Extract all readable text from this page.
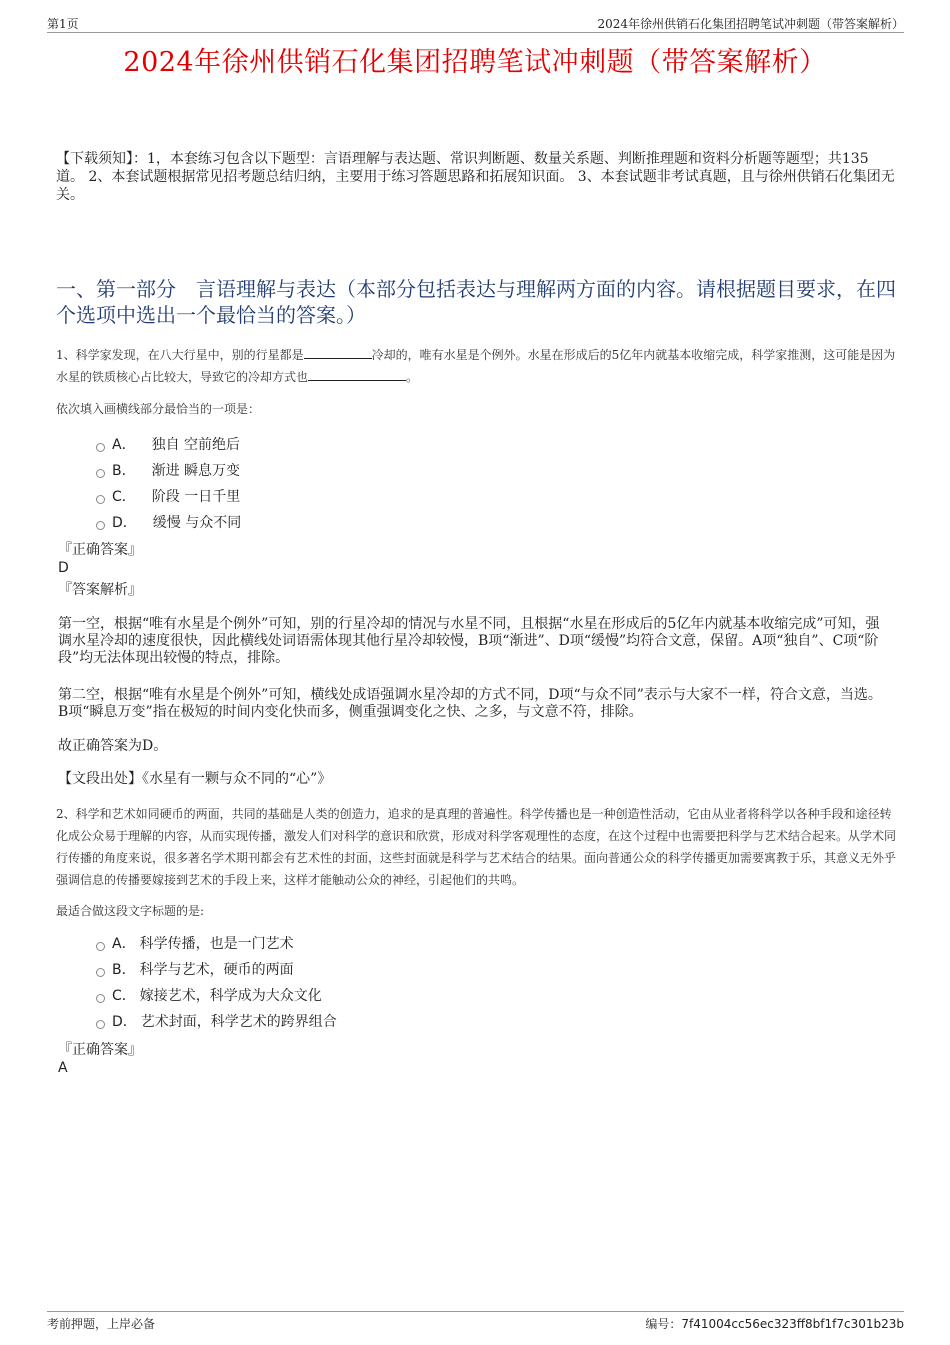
第1页	2024年徐州供销石化集团招聘笔试冲刺题（带答案解析）
2024年徐州供销石化集团招聘笔试冲刺题（带答案解析）
【下载须知】：1，本套练习包含以下题型：言语理解与表达题、常识判断题、数量关系题、判断推理题和资料分析题等题型；共135道。 2、本套试题根据常见招考题总结归纳，主要用于练习答题思路和拓展知识面。 3、本套试题非考试真题，且与徐州供销石化集团无关。
一、第一部分　言语理解与表达（本部分包括表达与理解两方面的内容。请根据题目要求，在四个选项中选出一个最恰当的答案。）
1、科学家发现，在八大行星中，别的行星都是	冷却的，唯有水星是个例外。水星在形成后的5亿年内就基本收缩完成，科学家推测，这可能是因为水星的铁质核心占比较大，导致它的冷却方式也	。
依次填入画横线部分最恰当的一项是：
A． 独自 空前绝后
B． 渐进 瞬息万变
C． 阶段 一日千里
D． 缓慢 与众不同
『正确答案』
D
『答案解析』
第一空，根据“唯有水星是个例外”可知，别的行星冷却的情况与水星不同，且根据“水星在形成后的5亿年内就基本收缩完成”可知，强调水星冷却的速度很快，因此横线处词语需体现其他行星冷却较慢，B项“渐进”、D项“缓慢”均符合文意，保留。A项“独自”、C项“阶段”均无法体现出较慢的特点，排除。
第二空，根据“唯有水星是个例外”可知，横线处成语强调水星冷却的方式不同，D项“与众不同”表示与大家不一样，符合文意，当选。B项“瞬息万变”指在极短的时间内变化快而多，侧重强调变化之快、之多，与文意不符，排除。
故正确答案为D。
【文段出处】《水星有一颗与众不同的“心”》
2、科学和艺术如同硬币的两面，共同的基础是人类的创造力，追求的是真理的普遍性。科学传播也是一种创造性活动，它由从业者将科学以各种手段和途径转化成公众易于理解的内容，从而实现传播，激发人们对科学的意识和欣赏，形成对科学客观理性的态度，在这个过程中也需要把科学与艺术结合起来。从学术同行传播的角度来说，很多著名学术期刊都会有艺术性的封面，这些封面就是科学与艺术结合的结果。面向普通公众的科学传播更加需要寓教于乐，其意义无外乎强调信息的传播要嫁接到艺术的手段上来，这样才能触动公众的神经，引起他们的共鸣。
最适合做这段文字标题的是:
A． 科学传播，也是一门艺术
B． 科学与艺术，硬币的两面
C． 嫁接艺术，科学成为大众文化
D． 艺术封面，科学艺术的跨界组合
『正确答案』
A
考前押题，上岸必备	编号：7f41004cc56ec323ff8bf1f7c301b23b
